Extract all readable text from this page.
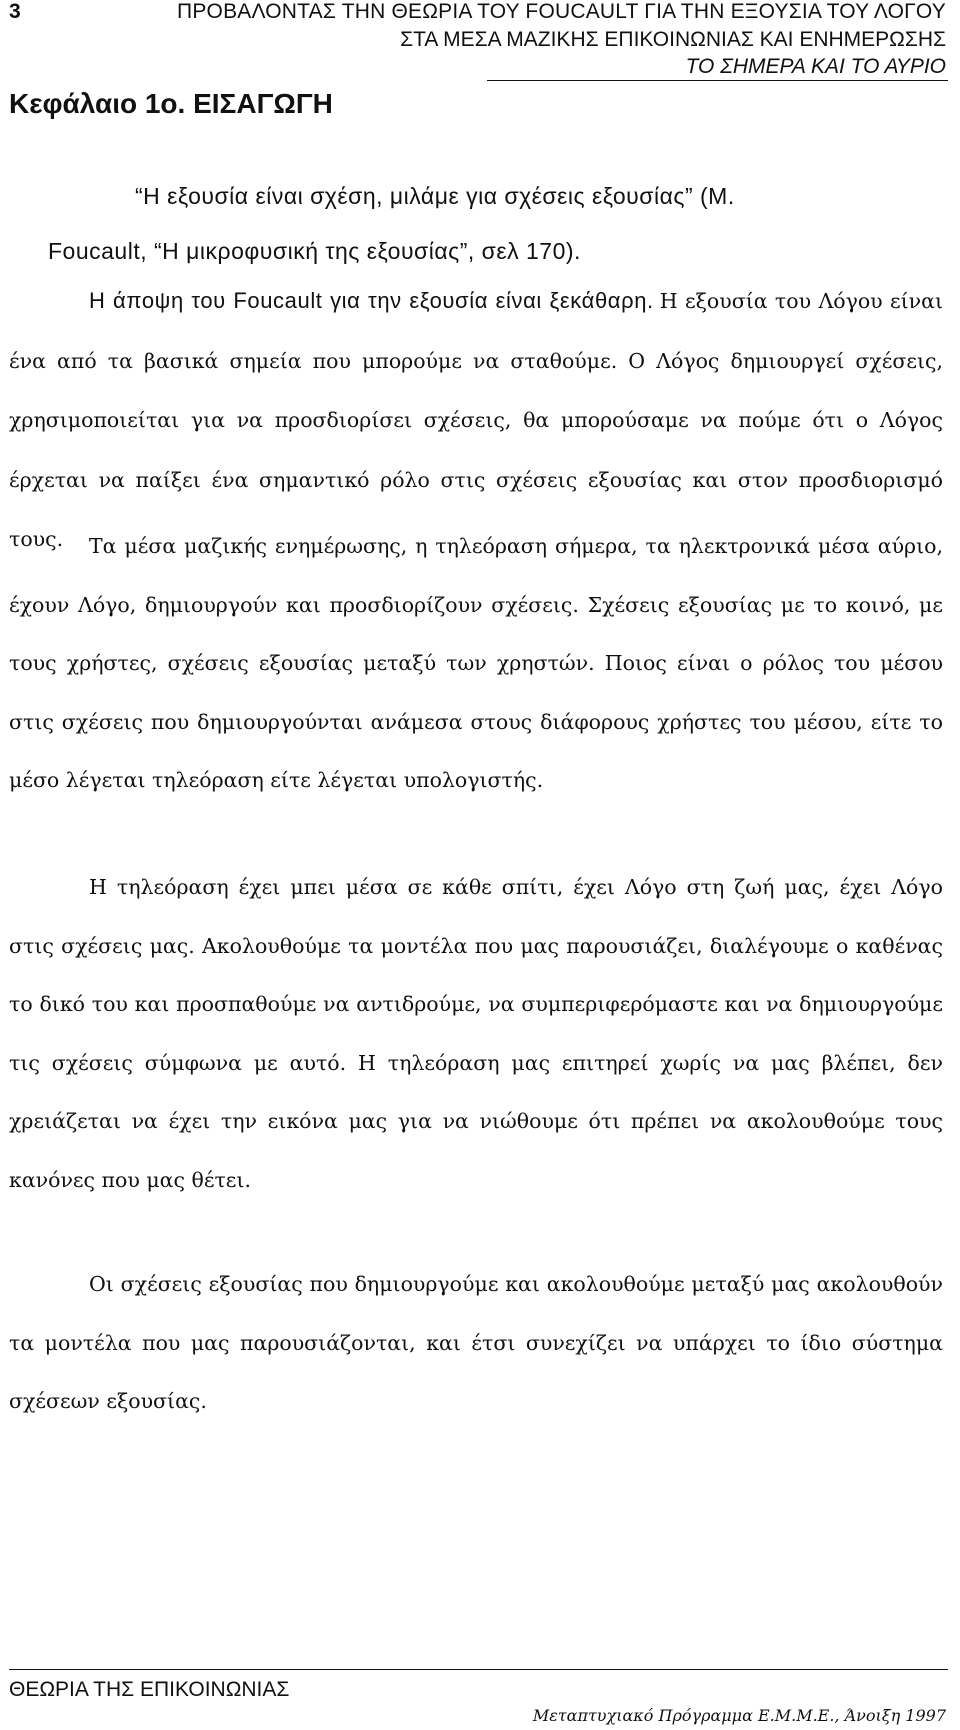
3	ΠΡΟΒΑΛΟΝΤΑΣ ΤΗΝ ΘΕΩΡΙΑ ΤΟΥ FOUCAULT ΓΙΑ ΤΗΝ ΕΞΟΥΣΙΑ ΤΟΥ ΛΟΓΟΥ
ΣΤΑ ΜΕΣΑ ΜΑΖΙΚΗΣ ΕΠΙΚΟΙΝΩΝΙΑΣ ΚΑΙ ΕΝΗΜΕΡΩΣΗΣ
ΤΟ ΣΗΜΕΡΑ ΚΑΙ ΤΟ ΑΥΡΙΟ
Κεφάλαιο 1ο. ΕΙΣΑΓΩΓΗ
“Η εξουσία είναι σχέση, μιλάμε για σχέσεις εξουσίας” (Μ.
Foucault, “Η μικροφυσική της εξουσίας”, σελ 170).

Η άποψη του Foucault για την εξουσία είναι ξεκάθαρη. Η εξουσία του Λόγου είναι ένα από τα βασικά σημεία που μπορούμε να σταθούμε. Ο Λόγος δημιουργεί σχέσεις, χρησιμοποιείται για να προσδιορίσει σχέσεις, θα μπορούσαμε να πούμε ότι ο Λόγος έρχεται να παίξει ένα σημαντικό ρόλο στις σχέσεις εξουσίας και στον προσδιορισμό τους.	Τα μέσα μαζικής ενημέρωσης, η τηλεόραση σήμερα, τα ηλεκτρονικά μέσα αύριο, έχουν Λόγο, δημιουργούν και προσδιορίζουν σχέσεις. Σχέσεις εξουσίας με το κοινό, με τους χρήστες, σχέσεις εξουσίας μεταξύ των χρηστών. Ποιος είναι ο ρόλος του μέσου στις σχέσεις που δημιουργούνται ανάμεσα στους διάφορους χρήστες του μέσου, είτε το μέσο λέγεται τηλεόραση είτε λέγεται υπολογιστής.

Η τηλεόραση έχει μπει μέσα σε κάθε σπίτι, έχει Λόγο στη ζωή μας, έχει Λόγο στις σχέσεις μας. Ακολουθούμε τα μοντέλα που μας παρουσιάζει, διαλέγουμε ο καθένας το δικό του και προσπαθούμε να αντιδρούμε, να συμπεριφερόμαστε και να δημιουργούμε τις σχέσεις σύμφωνα με αυτό. Η τηλεόραση μας επιτηρεί χωρίς να μας βλέπει, δεν χρειάζεται να έχει την εικόνα μας για να νιώθουμε ότι πρέπει να ακολουθούμε τους κανόνες που μας θέτει.

Οι σχέσεις εξουσίας που δημιουργούμε και ακολουθούμε μεταξύ μας ακολουθούν τα μοντέλα που μας παρουσιάζονται, και έτσι συνεχίζει να υπάρχει το ίδιο σύστημα σχέσεων εξουσίας.

ΘΕΩΡΙΑ ΤΗΣ ΕΠΙΚΟΙΝΩΝΙΑΣ
Μεταπτυχιακό Πρόγραμμα Ε.Μ.Μ.Ε., Άνοιξη 1997
